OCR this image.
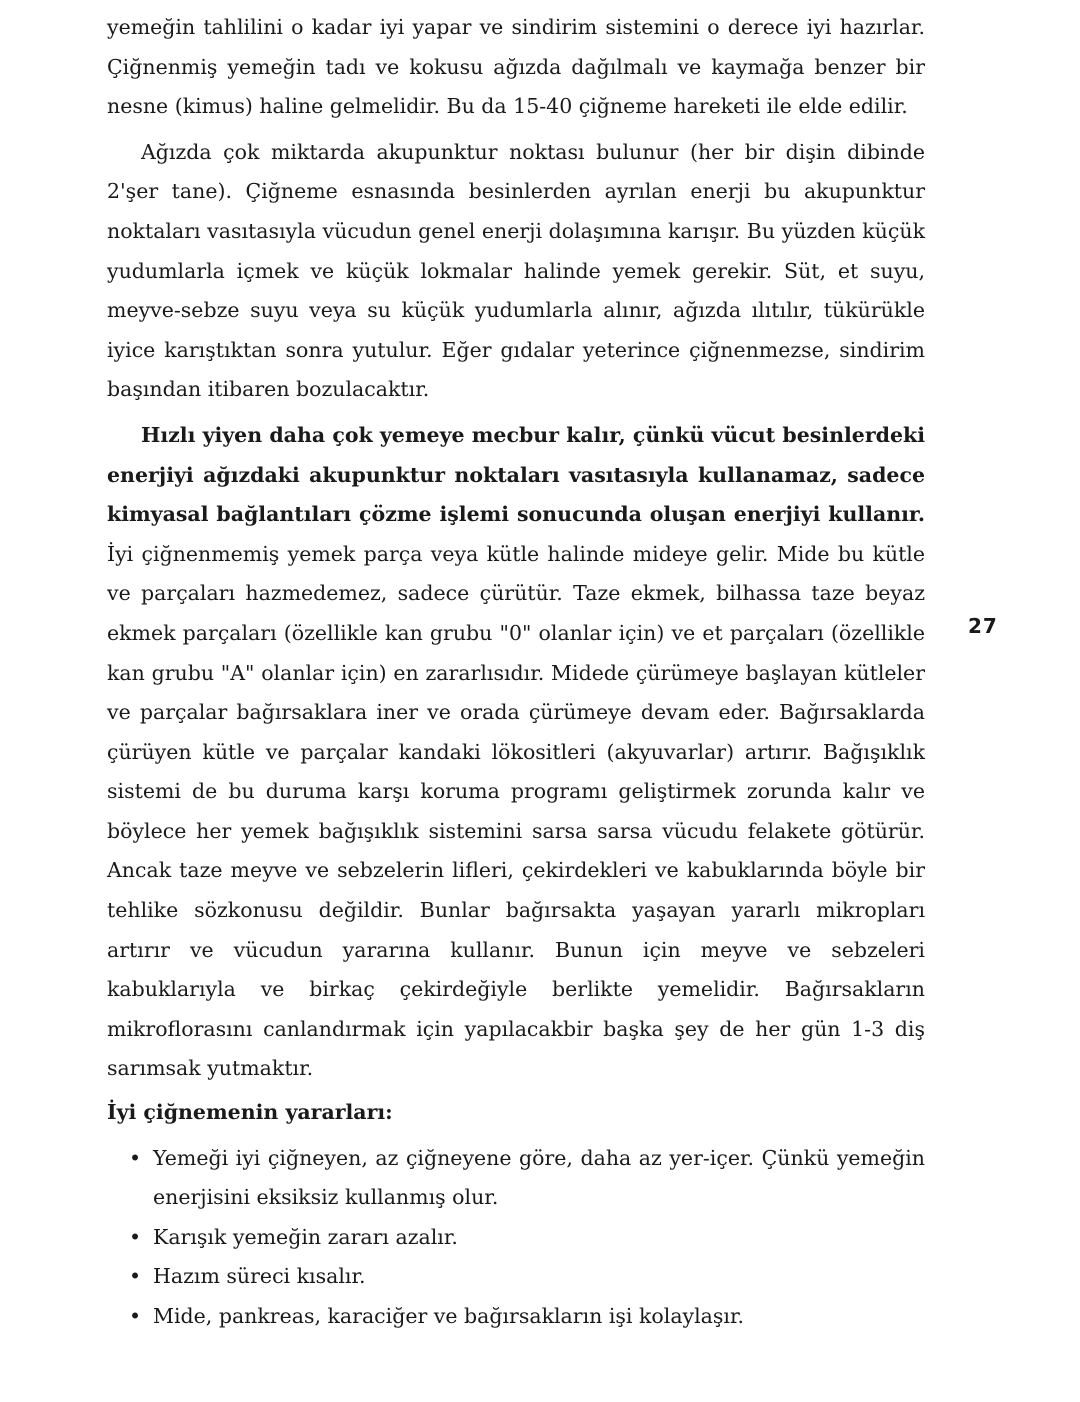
yemeğin tahlilini o kadar iyi yapar ve sindirim sistemini o derece iyi hazırlar. Çiğnenmiş yemeğin tadı ve kokusu ağızda dağılmalı ve kaymağa benzer bir nesne (kimus) haline gelmelidir. Bu da 15-40 çiğneme hareketi ile elde edilir.

Ağızda çok miktarda akupunktur noktası bulunur (her bir dişin dibinde 2'şer tane). Çiğneme esnasında besinlerden ayrılan enerji bu akupunktur noktaları vasıtasıyla vücudun genel enerji dolaşımına karışır. Bu yüzden küçük yudumlarla içmek ve küçük lokmalar halinde yemek gerekir. Süt, et suyu, meyve-sebze suyu veya su küçük yudumlarla alınır, ağızda ılıtılır, tükürükle iyice karıştıktan sonra yutulur. Eğer gıdalar yeterince çiğnenmezse, sindirim başından itibaren bozulacaktır.

Hızlı yiyen daha çok yemeye mecbur kalır, çünkü vücut besinlerdeki enerjiyi ağızdaki akupunktur noktaları vasıtasıyla kullanamaz, sadece kimyasal bağlantıları çözme işlemi sonucunda oluşan enerjiyi kullanır. İyi çiğnenmemiş yemek parça veya kütle halinde mideye gelir. Mide bu kütle ve parçaları hazmedemez, sadece çürütür. Taze ekmek, bilhassa taze beyaz ekmek parçaları (özellikle kan grubu "0" olanlar için) ve et parçaları (özellikle kan grubu "A" olanlar için) en zararlısıdır. Midede çürümeye başlayan kütleler ve parçalar bağırsaklara iner ve orada çürümeye devam eder. Bağırsaklarda çürüyen kütle ve parçalar kandaki lökositleri (akyuvarlar) artırır. Bağışıklık sistemi de bu duruma karşı koruma programı geliştirmek zorunda kalır ve böylece her yemek bağışıklık sistemini sarsa sarsa vücudu felakete götürür. Ancak taze meyve ve sebzelerin lifleri, çekirdekleri ve kabuklarında böyle bir tehlike sözkonusu değildir. Bunlar bağırsakta yaşayan yararlı mikropları artırır ve vücudun yararına kullanır. Bunun için meyve ve sebzeleri kabuklarıyla ve birkaç çekirdeğiyle berlikte yemelidir. Bağırsakların mikroflorasını canlandırmak için yapılacakbir başka şey de her gün 1-3 diş sarımsak yutmaktır.

İyi çiğnemenin yararları:
• Yemeği iyi çiğneyen, az çiğneyene göre, daha az yer-içer. Çünkü yemeğin enerjisini eksiksiz kullanmış olur.
• Karışık yemeğin zararı azalır.
• Hazım süreci kısalır.
• Mide, pankreas, karaciğer ve bağırsakların işi kolaylaşır.
27
